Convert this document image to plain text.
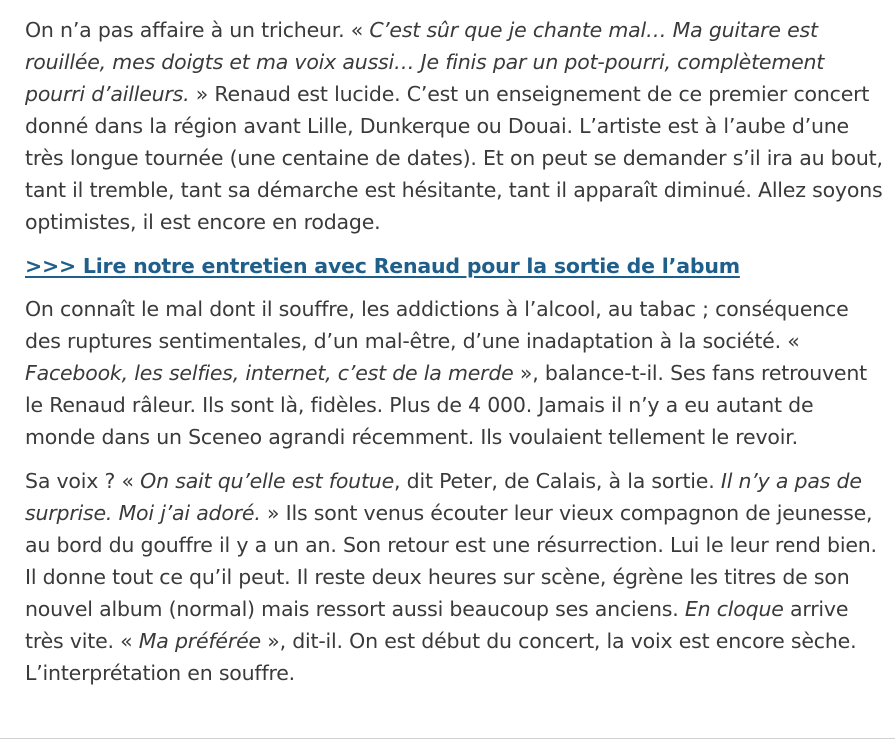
On n’a pas affaire à un tricheur. « C’est sûr que je chante mal… Ma guitare est rouillée, mes doigts et ma voix aussi… Je finis par un pot-pourri, complètement pourri d’ailleurs. » Renaud est lucide. C’est un enseignement de ce premier concert donné dans la région avant Lille, Dunkerque ou Douai. L’artiste est à l’aube d’une très longue tournée (une centaine de dates). Et on peut se demander s’il ira au bout, tant il tremble, tant sa démarche est hésitante, tant il apparaît diminué. Allez soyons optimistes, il est encore en rodage.

>>> Lire notre entretien avec Renaud pour la sortie de l’abum

On connaît le mal dont il souffre, les addictions à l’alcool, au tabac ; conséquence des ruptures sentimentales, d’un mal-être, d’une inadaptation à la société. « Facebook, les selfies, internet, c’est de la merde », balance-t-il. Ses fans retrouvent le Renaud râleur. Ils sont là, fidèles. Plus de 4 000. Jamais il n’y a eu autant de monde dans un Sceneo agrandi récemment. Ils voulaient tellement le revoir.

Sa voix ? « On sait qu’elle est foutue, dit Peter, de Calais, à la sortie. Il n’y a pas de surprise. Moi j’ai adoré. » Ils sont venus écouter leur vieux compagnon de jeunesse, au bord du gouffre il y a un an. Son retour est une résurrection. Lui le leur rend bien. Il donne tout ce qu’il peut. Il reste deux heures sur scène, égrène les titres de son nouvel album (normal) mais ressort aussi beaucoup ses anciens. En cloque arrive très vite. « Ma préférée », dit-il. On est début du concert, la voix est encore sèche. L’interprétation en souffre.
